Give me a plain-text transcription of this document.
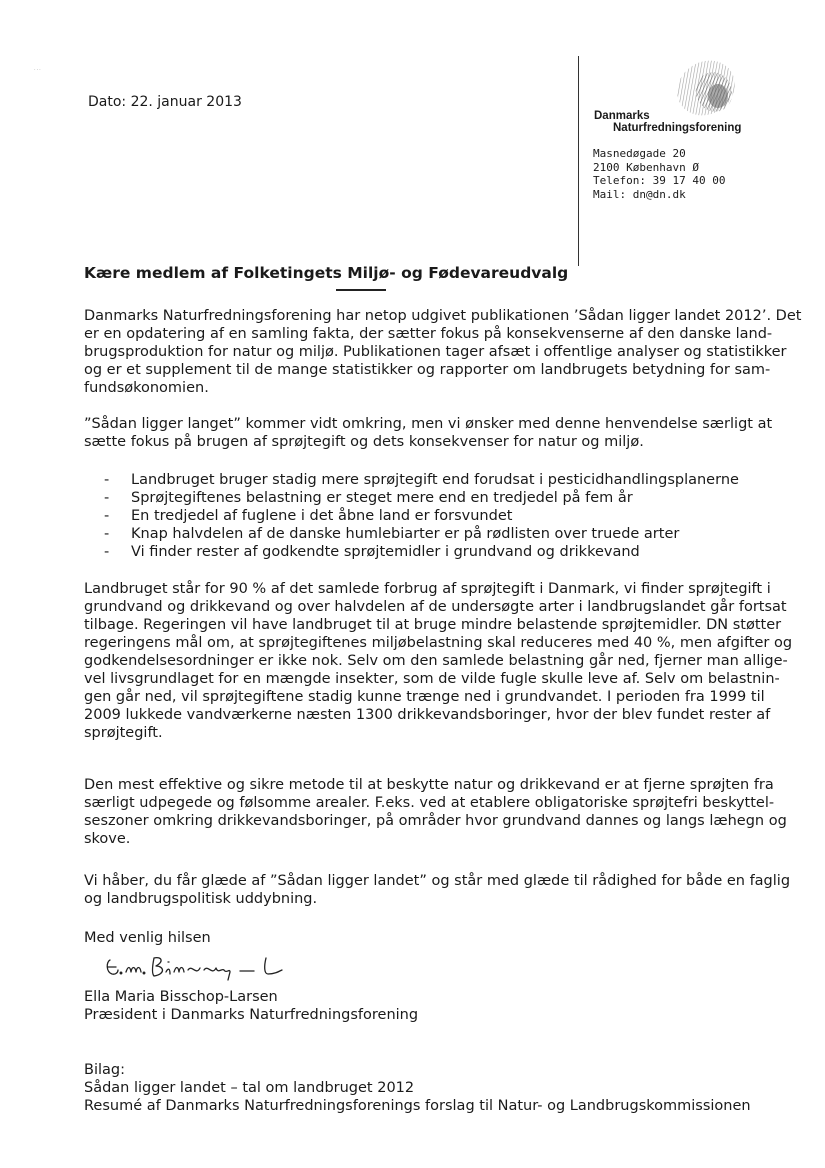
...
Dato: 22. januar 2013
Danmarks
Naturfredningsforening
Masnedøgade 20
2100 København Ø
Telefon: 39 17 40 00
Mail: dn@dn.dk
Kære medlem af Folketingets Miljø- og Fødevareudvalg
Danmarks Naturfredningsforening har netop udgivet publikationen ’Sådan ligger landet 2012’. Det
er en opdatering af en samling fakta, der sætter fokus på konsekvenserne af den danske land-
brugsproduktion for natur og miljø. Publikationen tager afsæt i offentlige analyser og statistikker
og er et supplement til de mange statistikker og rapporter om landbrugets betydning for sam-
fundsøkonomien.
”Sådan ligger langet” kommer vidt omkring, men vi ønsker med denne henvendelse særligt at
sætte fokus på brugen af sprøjtegift og dets konsekvenser for natur og miljø.
- Landbruget bruger stadig mere sprøjtegift end forudsat i pesticidhandlingsplanerne
- Sprøjtegiftenes belastning er steget mere end en tredjedel på fem år
- En tredjedel af fuglene i det åbne land er forsvundet
- Knap halvdelen af de danske humlebiarter er på rødlisten over truede arter
- Vi finder rester af godkendte sprøjtemidler i grundvand og drikkevand
Landbruget står for 90 % af det samlede forbrug af sprøjtegift i Danmark, vi finder sprøjtegift i
grundvand og drikkevand og over halvdelen af de undersøgte arter i landbrugslandet går fortsat
tilbage. Regeringen vil have landbruget til at bruge mindre belastende sprøjtemidler. DN støtter
regeringens mål om, at sprøjtegiftenes miljøbelastning skal reduceres med 40 %, men afgifter og
godkendelsesordninger er ikke nok. Selv om den samlede belastning går ned, fjerner man allige-
vel livsgrundlaget for en mængde insekter, som de vilde fugle skulle leve af. Selv om belastnin-
gen går ned, vil sprøjtegiftene stadig kunne trænge ned i grundvandet. I perioden fra 1999 til
2009 lukkede vandværkerne næsten 1300 drikkevandsboringer, hvor der blev fundet rester af
sprøjtegift.
Den mest effektive og sikre metode til at beskytte natur og drikkevand er at fjerne sprøjten fra
særligt udpegede og følsomme arealer. F.eks. ved at etablere obligatoriske sprøjtefri beskyttel-
seszoner omkring drikkevandsboringer, på områder hvor grundvand dannes og langs læhegn og
skove.
Vi håber, du får glæde af ”Sådan ligger landet” og står med glæde til rådighed for både en faglig
og landbrugspolitisk uddybning.
Med venlig hilsen
Ella Maria Bisschop-Larsen
Præsident i Danmarks Naturfredningsforening
Bilag:
Sådan ligger landet – tal om landbruget 2012
Resumé af Danmarks Naturfredningsforenings forslag til Natur- og Landbrugskommissionen
